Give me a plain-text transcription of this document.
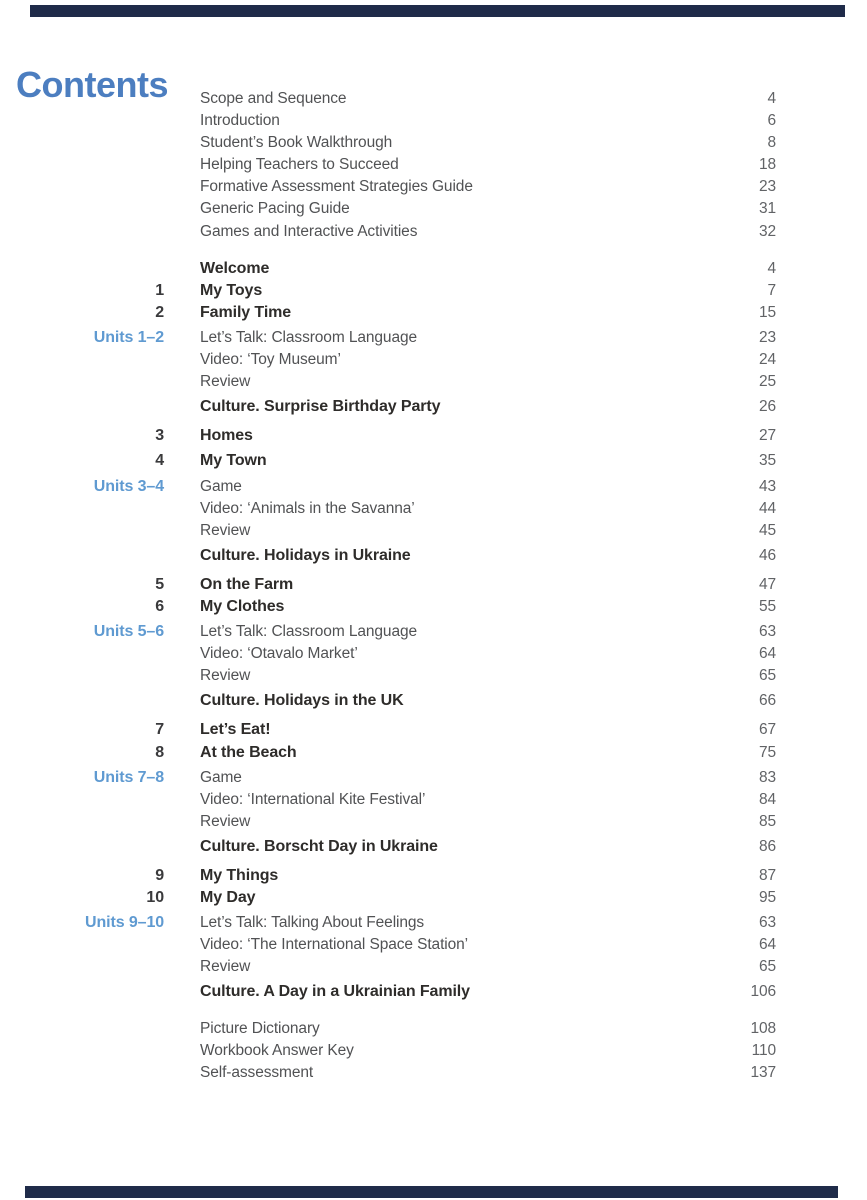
Contents Scope and Sequence	4
Introduction	6
Student’s Book Walkthrough	8
Helping Teachers to Succeed	18
Formative Assessment Strategies Guide	23
Generic Pacing Guide	31
Games and Interactive Activities	32
Welcome	4
1	My Toys	7
2	Family Time	15
Units 1–2	Let’s Talk: Classroom Language	23
Video: ‘Toy Museum’	24
Review	25
Culture. Surprise Birthday Party	26
3	Homes	27
4	My Town	35
Units 3–4	Game	43
Video: ‘Animals in the Savanna’	44
Review	45
Culture. Holidays in Ukraine	46
5	On the Farm	47
6	My Clothes	55
Units 5–6	Let’s Talk: Classroom Language	63
Video: ‘Otavalo Market’	64
Review	65
Culture. Holidays in the UK	66
7	Let’s Eat!	67
8	At the Beach	75
Units 7–8	Game	83
Video: ‘International Kite Festival’	84
Review	85
Culture. Borscht Day in Ukraine	86
9	My Things	87
10	My Day	95
Units 9–10	Let’s Talk: Talking About Feelings	63
Video: ‘The International Space Station’	64
Review	65
Culture. A Day in a Ukrainian Family	106
Picture Dictionary	108
Workbook Answer Key	110
Self-assessment	137
